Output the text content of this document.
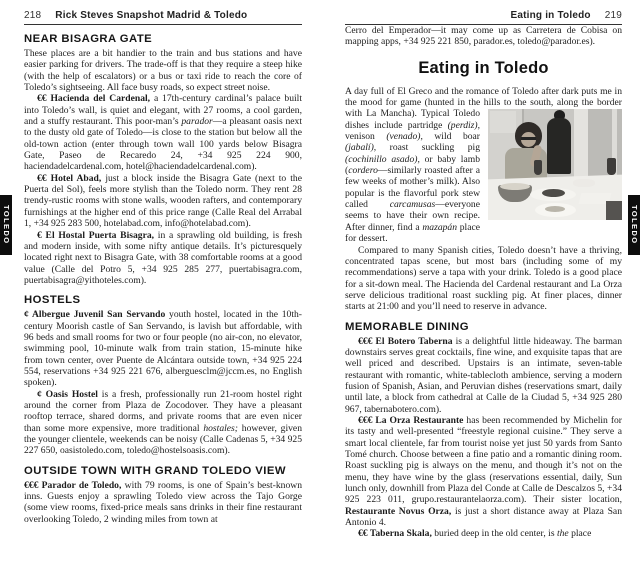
218 Rick Steves Snapshot Madrid & Toledo
NEAR BISAGRA GATE
These places are a bit handier to the train and bus stations and have easier parking for drivers. The trade-off is that they require a steep hike (with the help of escalators) or a bus or taxi ride to reach the core of Toledo’s sightseeing. All face busy roads, so expect street noise.
€€ Hacienda del Cardenal, a 17th-century cardinal’s palace built into Toledo’s wall, is quiet and elegant, with 27 rooms, a cool garden, and a stuffy restaurant. This poor-man’s parador—a pleasant oasis next to the dusty old gate of Toledo—is close to the station but below all the old-town action (enter through town wall 100 yards below Bisagra Gate, Paseo de Recaredo 24, +34 925 224 900, haciendadelcardenal.com, hotel@haciendadelcardenal.com).
€€ Hotel Abad, just a block inside the Bisagra Gate (next to the Puerta del Sol), feels more stylish than the Toledo norm. They rent 28 trendy-rustic rooms with stone walls, wooden rafters, and contemporary furnishings at the higher end of this price range (Calle Real del Arrabal 1, +34 925 283 500, hotelabad.com, info@hotelabad.com).
€ El Hostal Puerta Bisagra, in a sprawling old building, is fresh and modern inside, with some nifty antique details. It’s picturesquely located right next to Bisagra Gate, with 38 comfortable rooms at a good value (Calle del Potro 5, +34 925 285 277, puertabisagra.com, puertabisagra@yithoteles.com).
HOSTELS
¢ Albergue Juvenil San Servando youth hostel, located in the 10th-century Moorish castle of San Servando, is lavish but affordable, with 96 beds and small rooms for two or four people (no air-con, no elevator, swimming pool, 10-minute walk from train station, 15-minute hike from town center, over Puente de Alcántara outside town, +34 925 224 554, reservations +34 925 221 676, alberguesclm@jccm.es, no English spoken).
¢ Oasis Hostel is a fresh, professionally run 21-room hostel right around the corner from Plaza de Zocodover. They have a pleasant rooftop terrace, shared dorms, and private rooms that are even nicer than some more expensive, more traditional hostales; however, given the younger clientele, weekends can be noisy (Calle Cadenas 5, +34 925 227 650, oasistoledo.com, toledo@hostelsoasis.com).
OUTSIDE TOWN WITH GRAND TOLEDO VIEW
€€€ Parador de Toledo, with 79 rooms, is one of Spain’s best-known inns. Guests enjoy a sprawling Toledo view across the Tajo Gorge (some view rooms, fixed-price meals sans drinks in their fine restaurant overlooking Toledo, 2 winding miles from town at
Eating in Toledo 219
Cerro del Emperador—it may come up as Carretera de Cobisa on mapping apps, +34 925 221 850, parador.es, toledo@parador.es).
Eating in Toledo
A day full of El Greco and the romance of Toledo after dark puts me in the mood for game (hunted in the hills to the south, along the border with La Mancha). Typical Toledo dishes include partridge (perdiz), venison (venado), wild boar (jabalí), roast suckling pig (cochinillo asado), or baby lamb (cordero—similarly roasted after a few weeks of mother’s milk). Also popular is the flavorful pork stew called carcamusas—everyone seems to have their own recipe. After dinner, find a mazapán place for dessert.
Compared to many Spanish cities, Toledo doesn’t have a thriving, concentrated tapas scene, but most bars (including some of my recommendations) serve a tapa with your drink. Toledo is a good place for a sit-down meal. The Hacienda del Cardenal restaurant and La Orza serve delicious traditional roast suckling pig. At finer places, dinner starts at 21:00 and you’ll need to reserve in advance.
MEMORABLE DINING
€€€ El Botero Taberna is a delightful little hideaway. The barman downstairs serves great cocktails, fine wine, and exquisite tapas that are well priced and described. Upstairs is an intimate, seven-table restaurant with romantic, white-tablecloth ambience, serving a modern fusion of Spanish, Asian, and Peruvian dishes (reservations smart, daily until late, a block from cathedral at Calle de la Ciudad 5, +34 925 280 967, tabernabotero.com).
€€€ La Orza Restaurante has been recommended by Michelin for its tasty and well-presented “freestyle regional cuisine.” They serve a smart local clientele, far from tourist noise yet just 50 yards from Santo Tomé church. Choose between a fine patio and a romantic dining room. Roast suckling pig is always on the menu, and though it’s not on the menu, they have wine by the glass (reservations essential, daily, Sun lunch only, downhill from Plaza del Conde at Calle de Descalzos 5, +34 925 223 011, grupo.restaurantelaorza.com). Their sister location, Restaurante Novus Orza, is just a short distance away at Plaza San Antonio 4.
€€ Taberna Skala, buried deep in the old center, is the place
TOLEDO	TOLEDO
